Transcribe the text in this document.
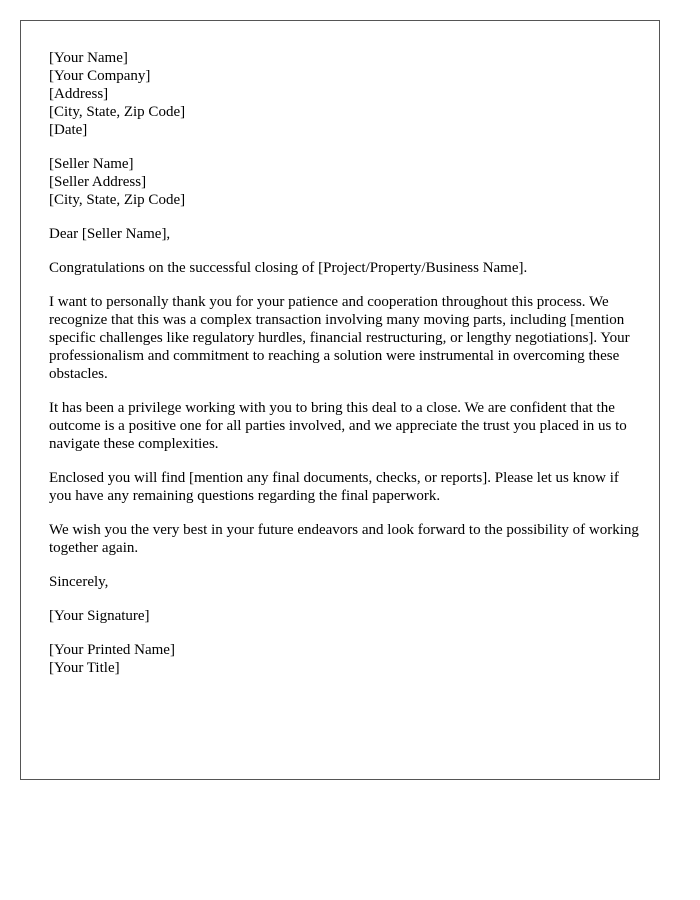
[Your Name]
[Your Company]
[Address]
[City, State, Zip Code]
[Date]
[Seller Name]
[Seller Address]
[City, State, Zip Code]

Dear [Seller Name],

Congratulations on the successful closing of [Project/Property/Business Name].

I want to personally thank you for your patience and cooperation throughout this process. We recognize that this was a complex transaction involving many moving parts, including [mention specific challenges like regulatory hurdles, financial restructuring, or lengthy negotiations]. Your professionalism and commitment to reaching a solution were instrumental in overcoming these obstacles.

It has been a privilege working with you to bring this deal to a close. We are confident that the outcome is a positive one for all parties involved, and we appreciate the trust you placed in us to navigate these complexities.

Enclosed you will find [mention any final documents, checks, or reports]. Please let us know if you have any remaining questions regarding the final paperwork.

We wish you the very best in your future endeavors and look forward to the possibility of working together again.

Sincerely,

[Your Signature]

[Your Printed Name]
[Your Title]
